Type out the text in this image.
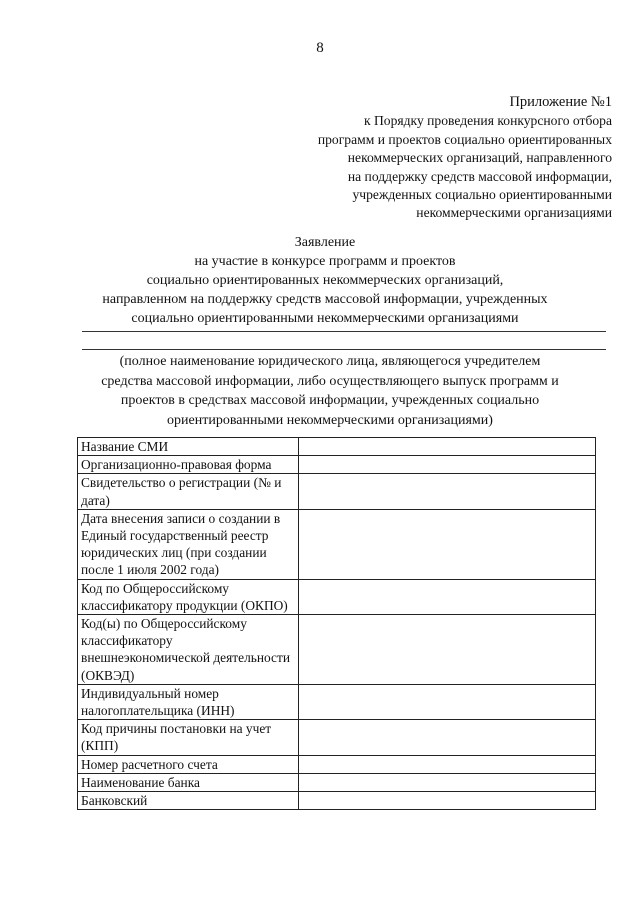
8
Приложение №1
к Порядку проведения конкурсного отбора
программ и проектов социально ориентированных
некоммерческих организаций, направленного
на поддержку средств массовой информации,
учрежденных социально ориентированными
некоммерческими организациями
Заявление
на участие в конкурсе программ и проектов
социально ориентированных некоммерческих организаций,
направленном на поддержку средств массовой информации, учрежденных
социально ориентированными некоммерческими организациями
(полное наименование юридического лица, являющегося учредителем
средства массовой информации, либо осуществляющего выпуск программ и
проектов в средствах массовой информации, учрежденных социально
ориентированными некоммерческими организациями)
Название СМИ	
Организационно-правовая форма	
Свидетельство о регистрации (№ и дата)	
Дата внесения записи о создании в Единый государственный реестр юридических лиц (при создании после 1 июля 2002 года)	
Код по Общероссийскому классификатору продукции (ОКПО)	
Код(ы) по Общероссийскому классификатору внешнеэкономической деятельности (ОКВЭД)	
Индивидуальный номер налогоплательщика (ИНН)	
Код причины постановки на учет (КПП)	
Номер расчетного счета	
Наименование банка	
Банковский	
